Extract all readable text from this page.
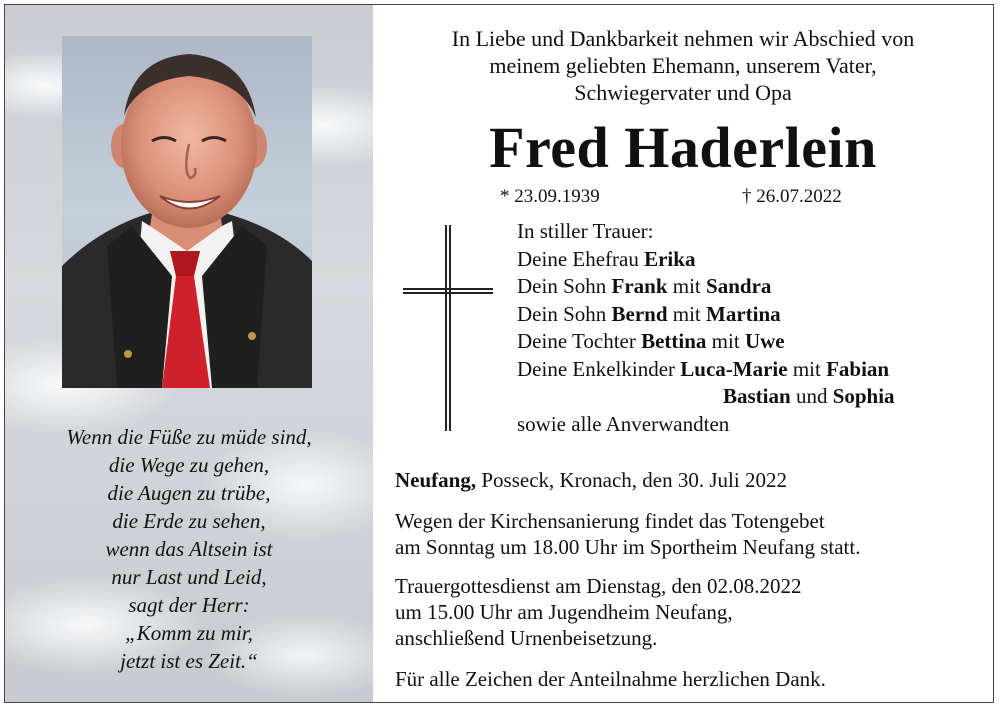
Wenn die Füße zu müde sind,
die Wege zu gehen,
die Augen zu trübe,
die Erde zu sehen,
wenn das Altsein ist
nur Last und Leid,
sagt der Herr:
„Komm zu mir,
jetzt ist es Zeit.“
In Liebe und Dankbarkeit nehmen wir Abschied von
meinem geliebten Ehemann, unserem Vater,
Schwiegervater und Opa
Fred Haderlein
* 23.09.1939	† 26.07.2022
In stiller Trauer:
Deine Ehefrau Erika
Dein Sohn Frank mit Sandra
Dein Sohn Bernd mit Martina
Deine Tochter Bettina mit Uwe
Deine Enkelkinder Luca-Marie mit Fabian
Bastian und Sophia
sowie alle Anverwandten
Neufang, Posseck, Kronach, den 30. Juli 2022
Wegen der Kirchensanierung findet das Totengebet
am Sonntag um 18.00 Uhr im Sportheim Neufang statt.
Trauergottesdienst am Dienstag, den 02.08.2022
um 15.00 Uhr am Jugendheim Neufang,
anschließend Urnenbeisetzung.
Für alle Zeichen der Anteilnahme herzlichen Dank.
